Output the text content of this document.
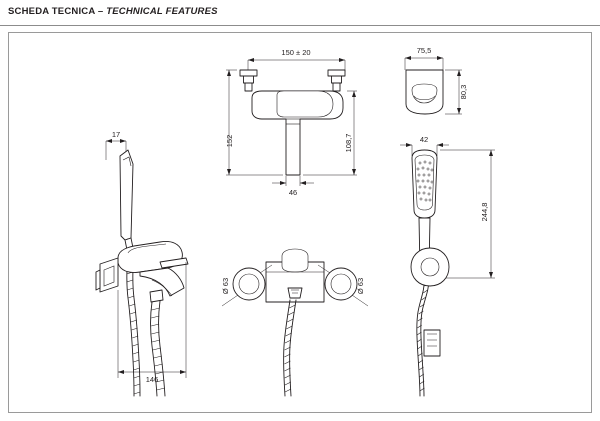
SCHEDA TECNICA – TECHNICAL FEATURES
152	108,7
150 ± 20
46
80,3
75,5
244,8
42
Ø 63	Ø 63
17
146
